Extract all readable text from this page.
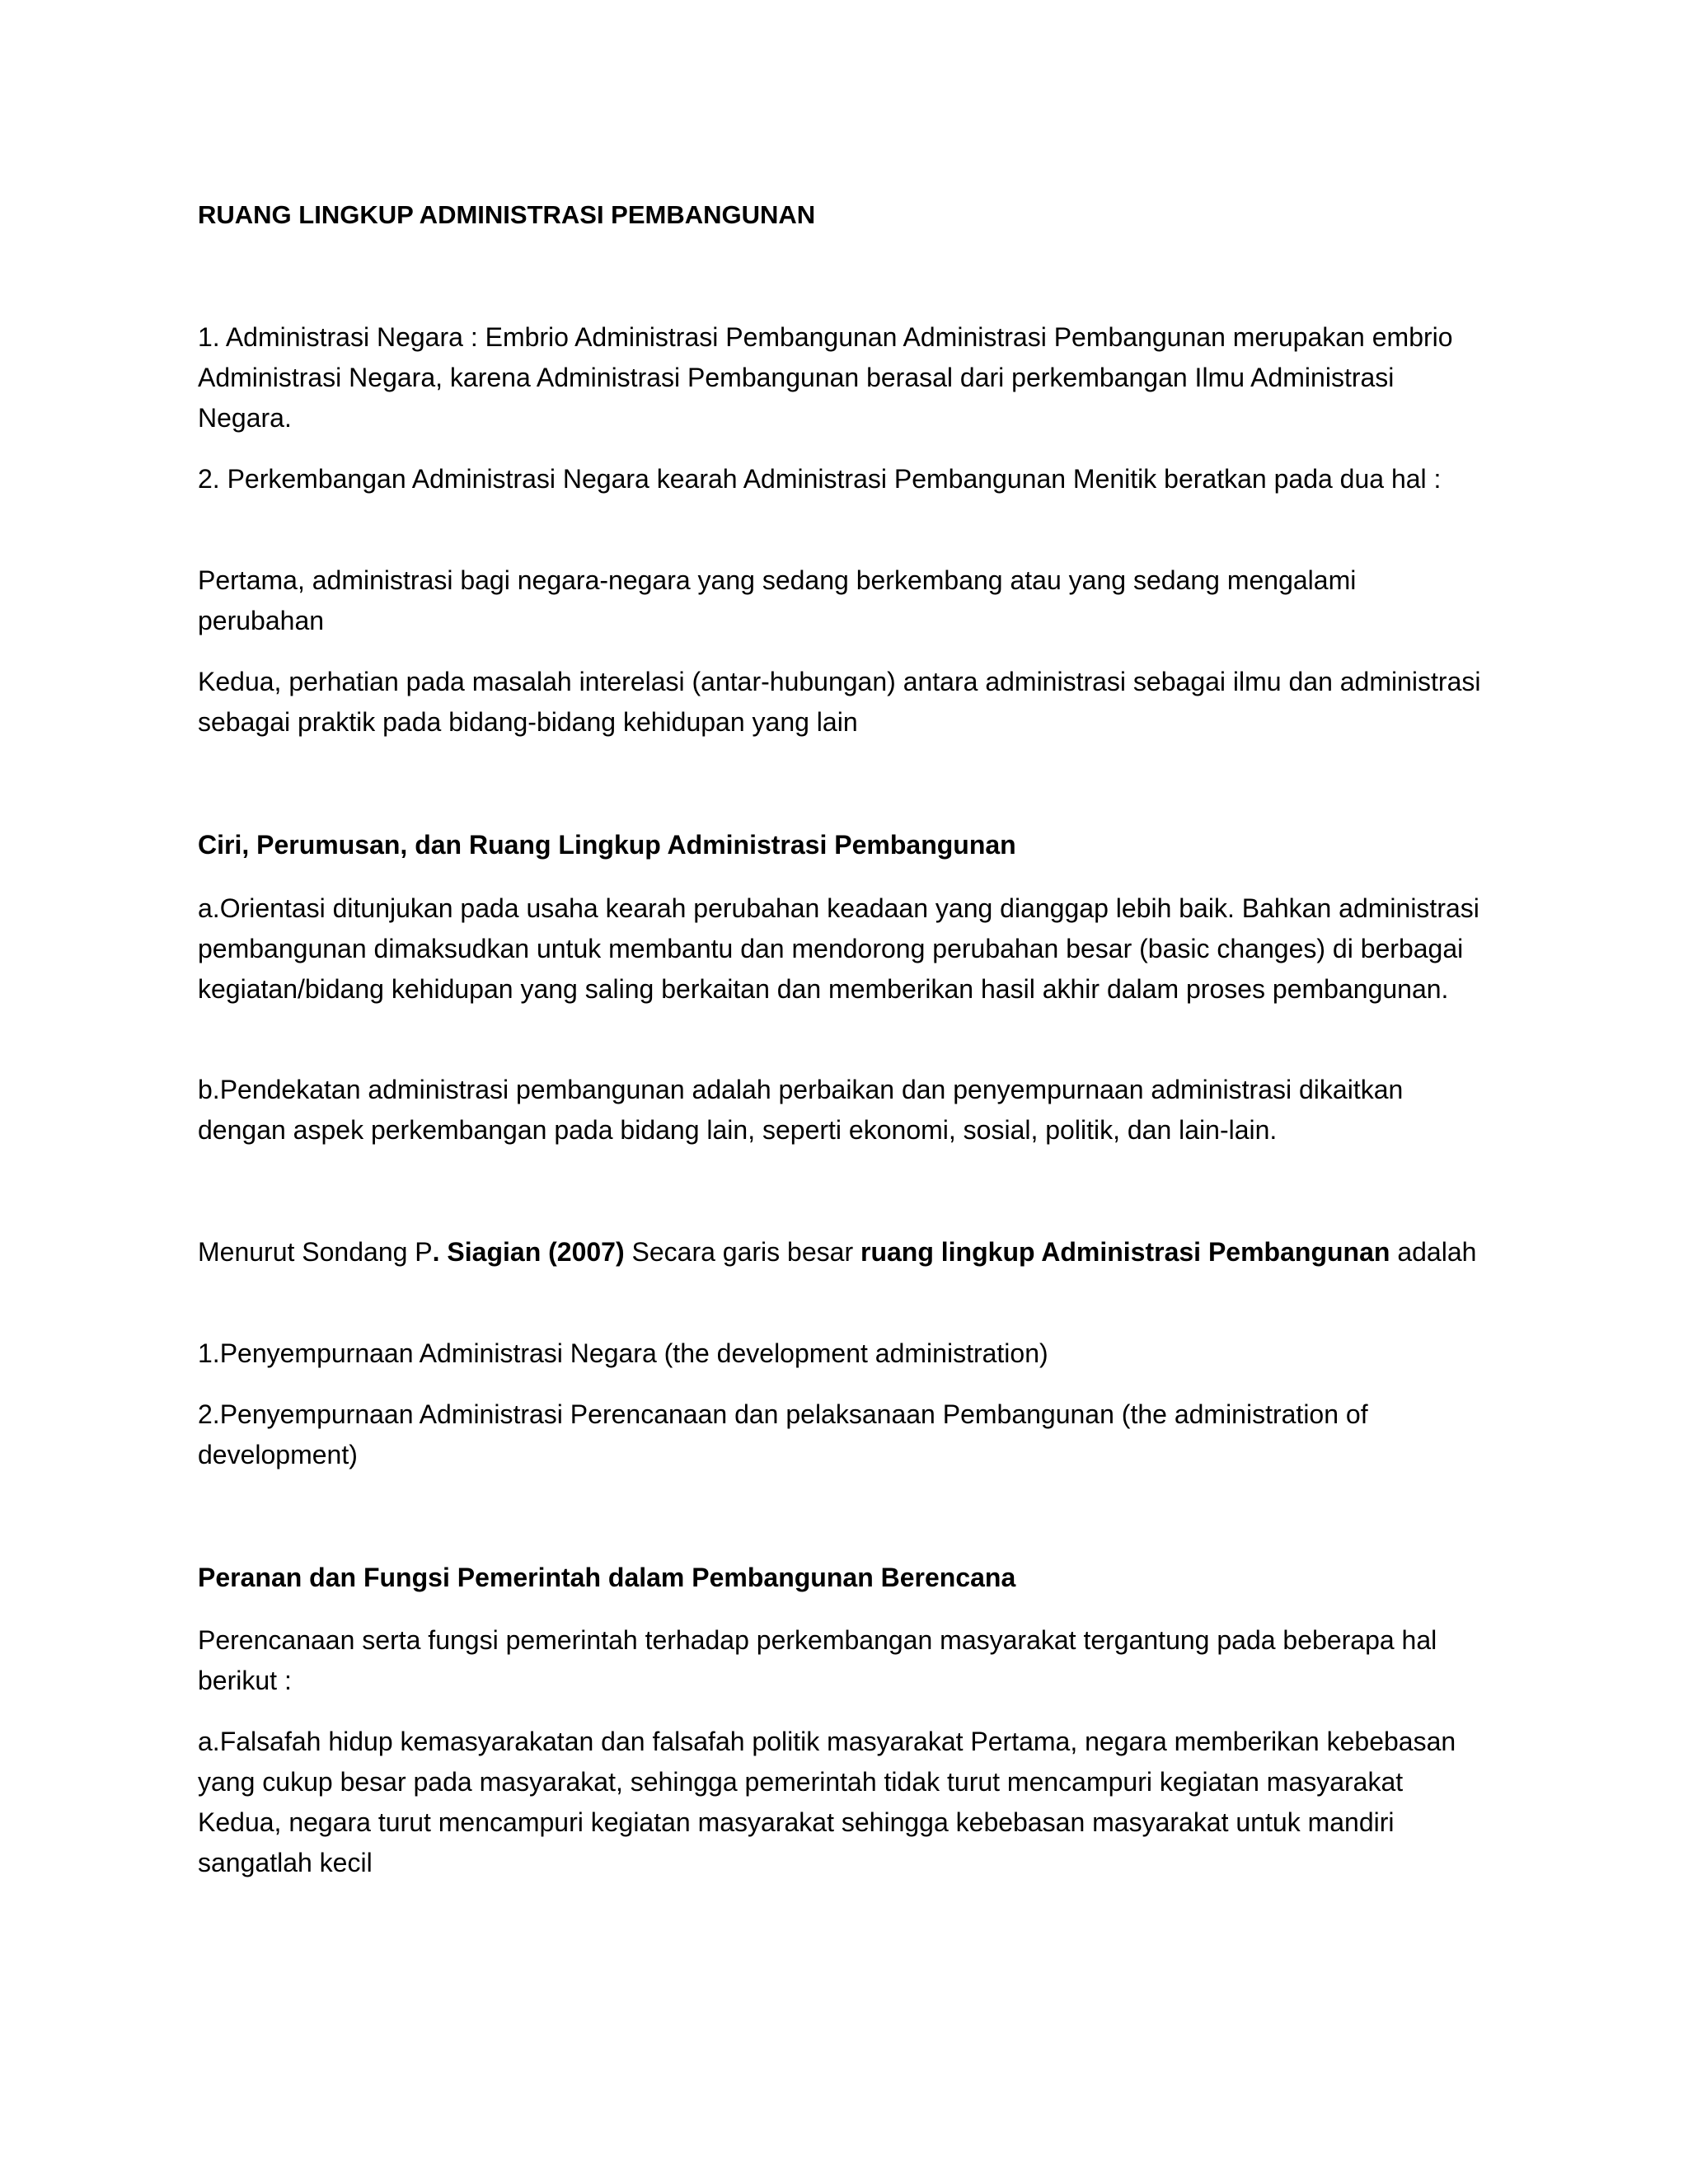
RUANG LINGKUP ADMINISTRASI PEMBANGUNAN

1. Administrasi Negara : Embrio Administrasi Pembangunan Administrasi Pembangunan merupakan embrio Administrasi Negara, karena Administrasi Pembangunan berasal dari perkembangan Ilmu Administrasi Negara.

2. Perkembangan Administrasi Negara kearah Administrasi Pembangunan Menitik beratkan pada dua hal :

Pertama, administrasi bagi negara-negara yang sedang berkembang atau yang sedang mengalami perubahan

Kedua, perhatian pada masalah interelasi (antar-hubungan) antara administrasi sebagai ilmu dan administrasi sebagai praktik pada bidang-bidang kehidupan yang lain

Ciri, Perumusan, dan Ruang Lingkup Administrasi Pembangunan

a.Orientasi ditunjukan pada usaha kearah perubahan keadaan yang dianggap lebih baik. Bahkan administrasi pembangunan dimaksudkan untuk membantu dan mendorong perubahan besar (basic changes) di berbagai kegiatan/bidang kehidupan yang saling berkaitan dan memberikan hasil akhir dalam proses pembangunan.

b.Pendekatan administrasi pembangunan adalah perbaikan dan penyempurnaan administrasi dikaitkan dengan aspek perkembangan pada bidang lain, seperti ekonomi, sosial, politik, dan lain-lain.

Menurut Sondang P. Siagian (2007) Secara garis besar ruang lingkup Administrasi Pembangunan adalah

1.Penyempurnaan Administrasi Negara (the development administration)

2.Penyempurnaan Administrasi Perencanaan dan pelaksanaan Pembangunan (the administration of development)

Peranan dan Fungsi Pemerintah dalam Pembangunan Berencana

Perencanaan serta fungsi pemerintah terhadap perkembangan masyarakat tergantung pada beberapa hal berikut :

a.Falsafah hidup kemasyarakatan dan falsafah politik masyarakat Pertama, negara memberikan kebebasan yang cukup besar pada masyarakat, sehingga pemerintah tidak turut mencampuri kegiatan masyarakat Kedua, negara turut mencampuri kegiatan masyarakat sehingga kebebasan masyarakat untuk mandiri sangatlah kecil
